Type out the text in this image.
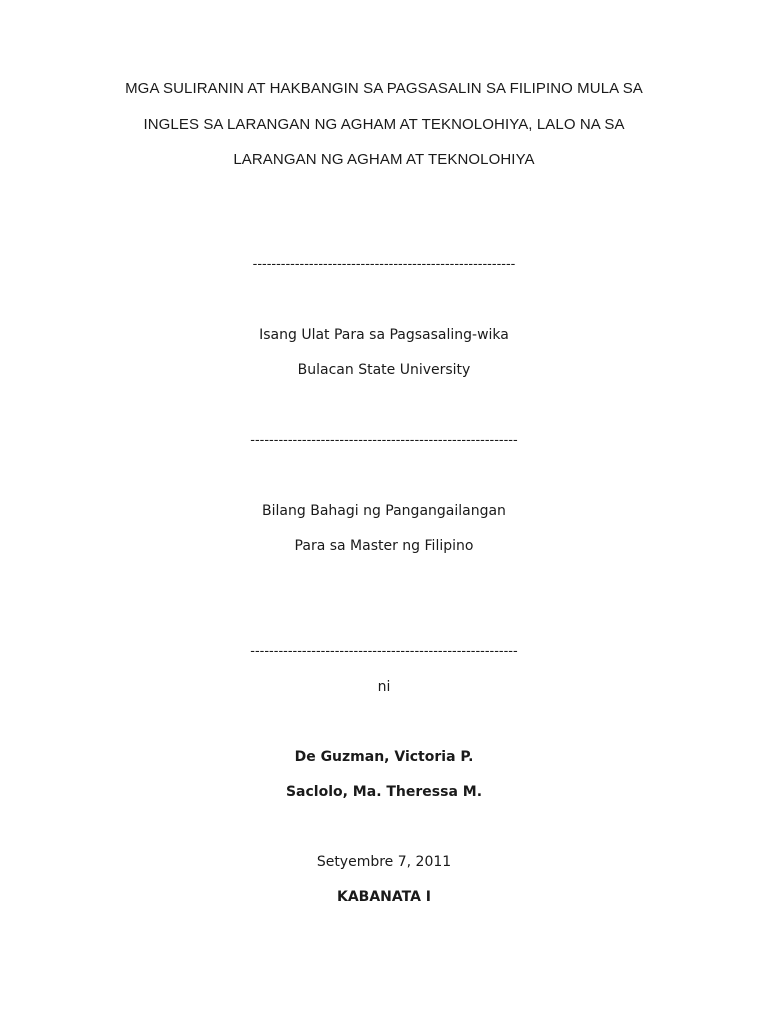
MGA SULIRANIN AT HAKBANGIN SA PAGSASALIN SA FILIPINO MULA SA
INGLES SA LARANGAN NG AGHAM AT TEKNOLOHIYA, LALO NA SA
LARANGAN NG AGHAM AT TEKNOLOHIYA
--------------------------------------------------------
Isang Ulat Para sa Pagsasaling-wika
Bulacan State University
---------------------------------------------------------
Bilang Bahagi ng Pangangailangan
Para sa Master ng Filipino
---------------------------------------------------------
ni
De Guzman, Victoria P.
Saclolo, Ma. Theressa M.
Setyembre 7, 2011
KABANATA I
